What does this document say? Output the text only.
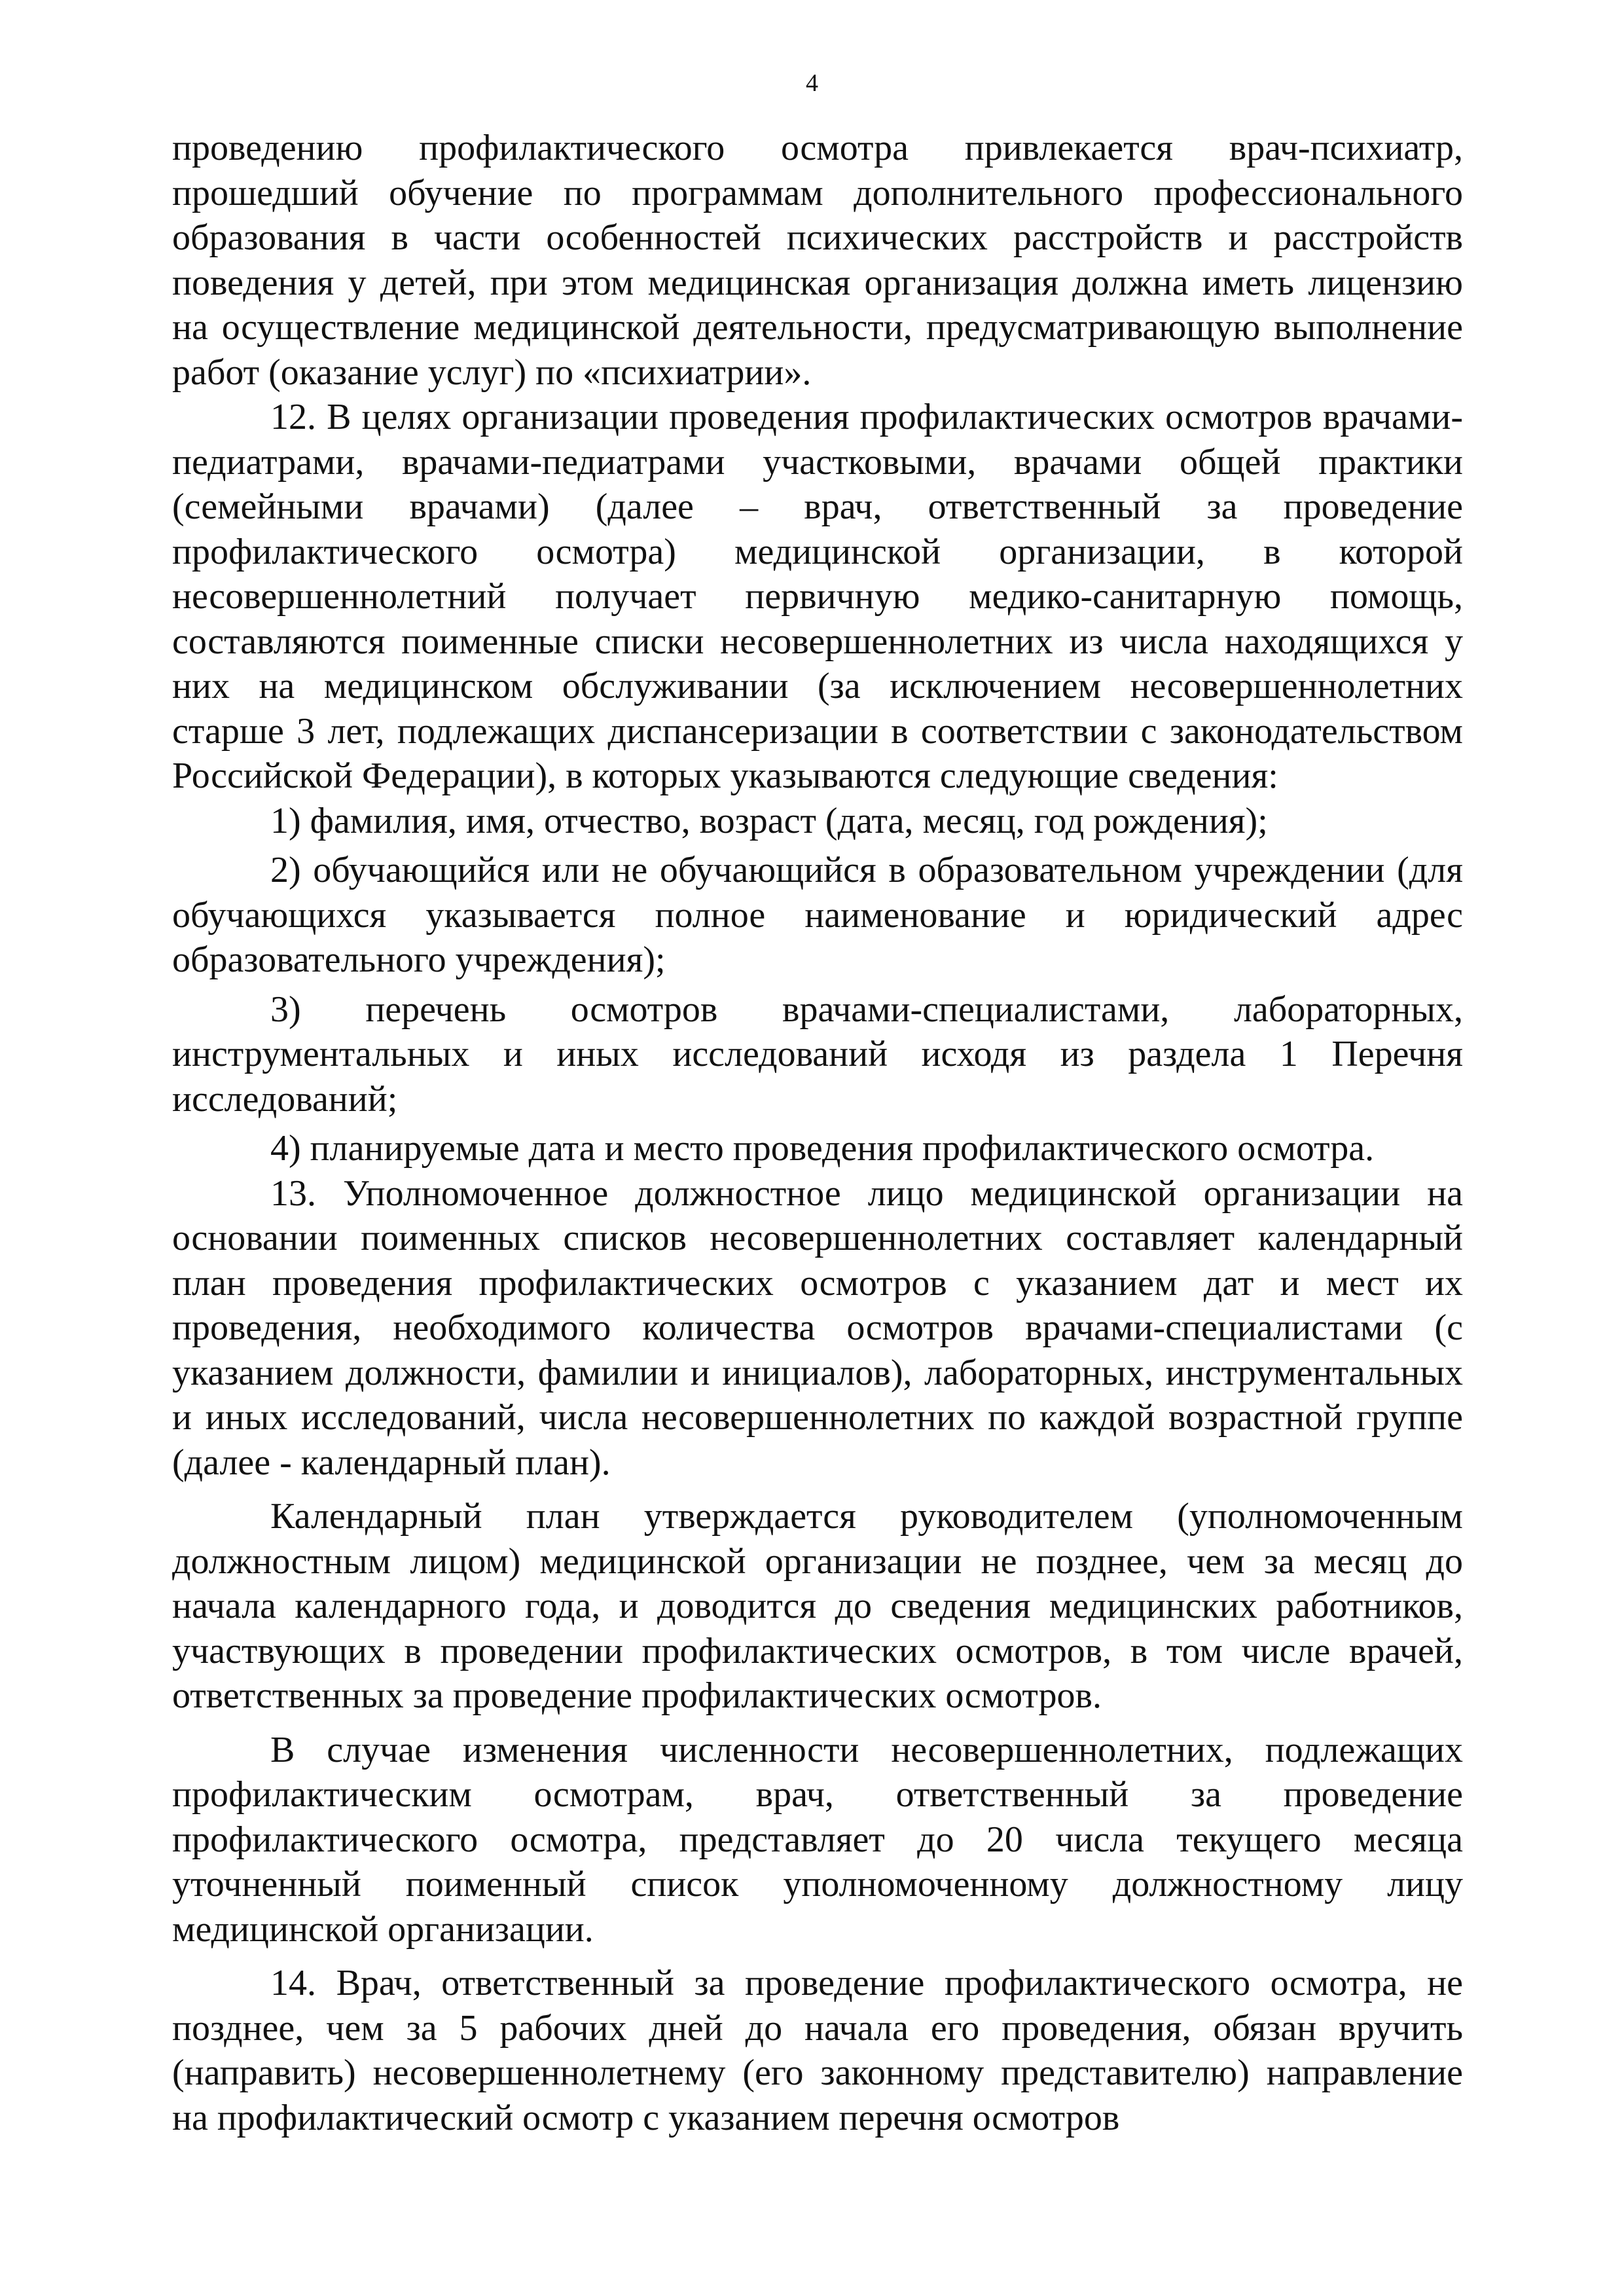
4

проведению профилактического осмотра привлекается врач-психиатр, прошедший обучение по программам дополнительного профессионального образования в части особенностей психических расстройств и расстройств поведения у детей, при этом медицинская организация должна иметь лицензию на осуществление медицинской деятельности, предусматривающую выполнение работ (оказание услуг) по «психиатрии».

12. В целях организации проведения профилактических осмотров врачами-педиатрами, врачами-педиатрами участковыми, врачами общей практики (семейными врачами) (далее – врач, ответственный за проведение профилактического осмотра) медицинской организации, в которой несовершеннолетний получает первичную медико-санитарную помощь, составляются поименные списки несовершеннолетних из числа находящихся у них на медицинском обслуживании (за исключением несовершеннолетних старше 3 лет, подлежащих диспансеризации в соответствии с законодательством Российской Федерации), в которых указываются следующие сведения:

1) фамилия, имя, отчество, возраст (дата, месяц, год рождения);

2) обучающийся или не обучающийся в образовательном учреждении (для обучающихся указывается полное наименование и юридический адрес образовательного учреждения);

3) перечень осмотров врачами-специалистами, лабораторных, инструментальных и иных исследований исходя из раздела 1 Перечня исследований;

4) планируемые дата и место проведения профилактического осмотра.

13. Уполномоченное должностное лицо медицинской организации на основании поименных списков несовершеннолетних составляет календарный план проведения профилактических осмотров с указанием дат и мест их проведения, необходимого количества осмотров врачами-специалистами (с указанием должности, фамилии и инициалов), лабораторных, инструментальных и иных исследований, числа несовершеннолетних по каждой возрастной группе (далее - календарный план).

Календарный план утверждается руководителем (уполномоченным должностным лицом) медицинской организации не позднее, чем за месяц до начала календарного года, и доводится до сведения медицинских работников, участвующих в проведении профилактических осмотров, в том числе врачей, ответственных за проведение профилактических осмотров.

В случае изменения численности несовершеннолетних, подлежащих профилактическим осмотрам, врач, ответственный за проведение профилактического осмотра, представляет до 20 числа текущего месяца уточненный поименный список уполномоченному должностному лицу медицинской организации.

14. Врач, ответственный за проведение профилактического осмотра, не позднее, чем за 5 рабочих дней до начала его проведения, обязан вручить (направить) несовершеннолетнему (его законному представителю) направление на профилактический осмотр с указанием перечня осмотров
